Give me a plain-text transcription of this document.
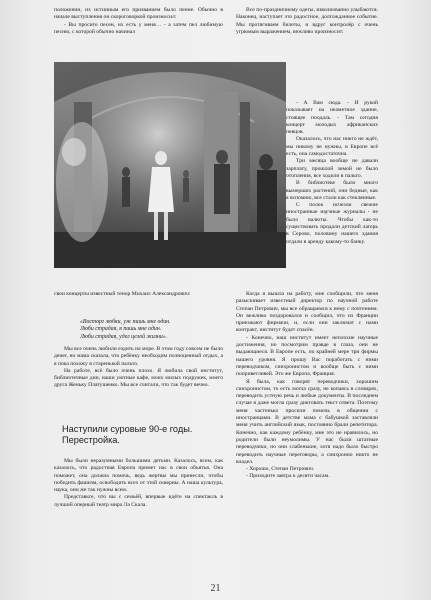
положении, их истинным его призванием было пение. Обычно в начале выступления он скороговоркой произносил:

- Вы просите песен, их есть у меня… - а затем пел любимую песню, с которой обычно начинал

Все по-праздничному одеты, взволнованно улыбаются. Наконец, наступает это радостное, долгожданное событие. Мы протягиваем билеты, и вдруг контролёр с очень угрюмым выражением, вежливо произносит:

- А Вам сюда. - И рукой показывает на неаметное здание, стоящее поодаль. - Там сегодня концерт молодых африканских певцов.

Оказалось, что нас никто не ждёт, мы никому не нужны, в Европе всё есть, она самодостаточна.

Три месяца вообще не давали зарплату, прошлой зимой не было отопления, все ходили в пальто.

В библиотеке было много вымерших растений, они бедные, как я вспомню, все стали как стеклянные.

С полок исчезли свежие иностранные научные журналы - не было валюты. Чтобы как-то существовать продали детский лагерь в Серово, половину нашего здания отдали в аренду какому-то банку.

свои концерты известный тенор Михаил Александрович:

«Восторг любви, уж пишь мне один.
Люби страдая, я пишь мне один.
Люби страдая, удел целой жизни».

Мы все очень любили ездить на море. В этом году совсем не было денег, но мама сказала, что ребёнку необходим полноценный отдых, а я пока похожу в старенькой пальто.

На работе, всё было очень плохо. Я любила свой институт, библиотечные дни, наши уютные кафе, моих милых подружек, моего друга Женьку Платушенко. Мы все считали, что так будет вечно.

Наступили суровые 90-е годы. Перестройка.

Мы были неразумными большими детьми. Казалось, всем, как казалось, что радостная Европа примет нас в свои объятья. Она поможет, она должна помочь, ведь жертвы мы принесли, чтобы победить фашизм, освободить всех от этой скверны. А наша культура, наука, они же так нужны всем.

Представьте, что вы с семьёй, впервые идёте на спектакль в лучший оперный театр мира Ла Скала.

Когда я вышла на работу, мне сообщили, что меня разыскивает известный директор по научной работе Степан Петрович, мы все обращаемся к нему с почтением. Он вежливо поздоровался и сообщил, что из Франции приезжают фирмачи, и, если они заключат с нами контракт, институт будет спасён.

- Конечно, наш институт имеет неплохие научные достижения, но посмотрим правде в глаза, они не выдающиеся. В Европе есть, по крайней мере три фирмы нашего уровня. Я прошу Вас поработать с ними переводчиком, синхронистом и вообще быть с ними поприветливей. Это же Европа, Франция.

Я была, как говорят переводчики, хорошим синхронистом, то есть могла сразу, не копаясь в словарях, переводить устную речь и любые документы. В последнем случае я даже могла сразу диктовать текст ответа. Поэтому меня частенько просили помочь в общении с иностранцами. В детстве мама с бабушкой заставляли меня учить английский язык, постоянно брали репетитора. Конечно, как каждому ребёнку, мне это не нравилось, но родители были неумолимы. У нас были штатные переводчики, но они слабенькие, хотя надо было быстро переводить научные переговоры, а синхронно никто не владел.

- Хорошо, Степан Петрович.

- Приходите завтра к десяти часам.

21
